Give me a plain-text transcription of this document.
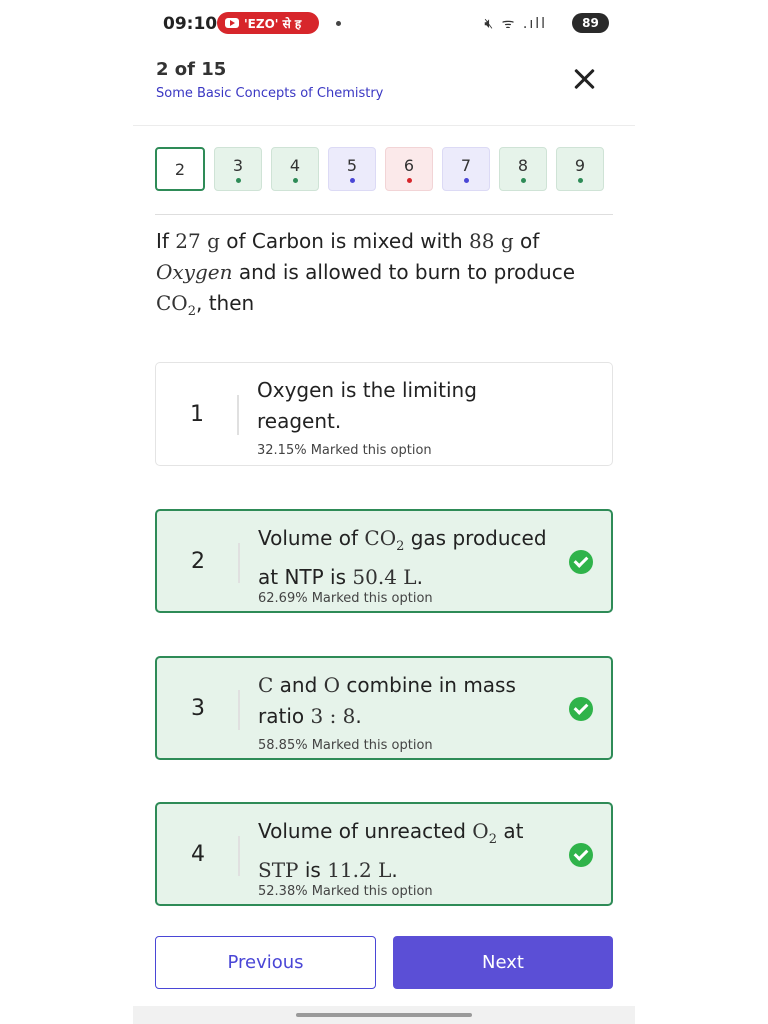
09:10 'EZO' से ह	🔇︎ ᯤ .ıll	89
2 of 15
Some Basic Concepts of Chemistry
2	3	4	5	6	7	8	9
If 27 g of Carbon is mixed with 88 g of
Oxygen and is allowed to burn to produce
$CO_2$, then
1
Oxygen is the limiting reagent.
32.15% Marked this option
2
Volume of $CO_2$ gas produced at NTP is 50.4 L.
62.69% Marked this option
3
C and O combine in mass ratio 3 : 8.
58.85% Marked this option
4
Volume of unreacted $O_2$ at STP is 11.2 L.
52.38% Marked this option
Previous	Next
